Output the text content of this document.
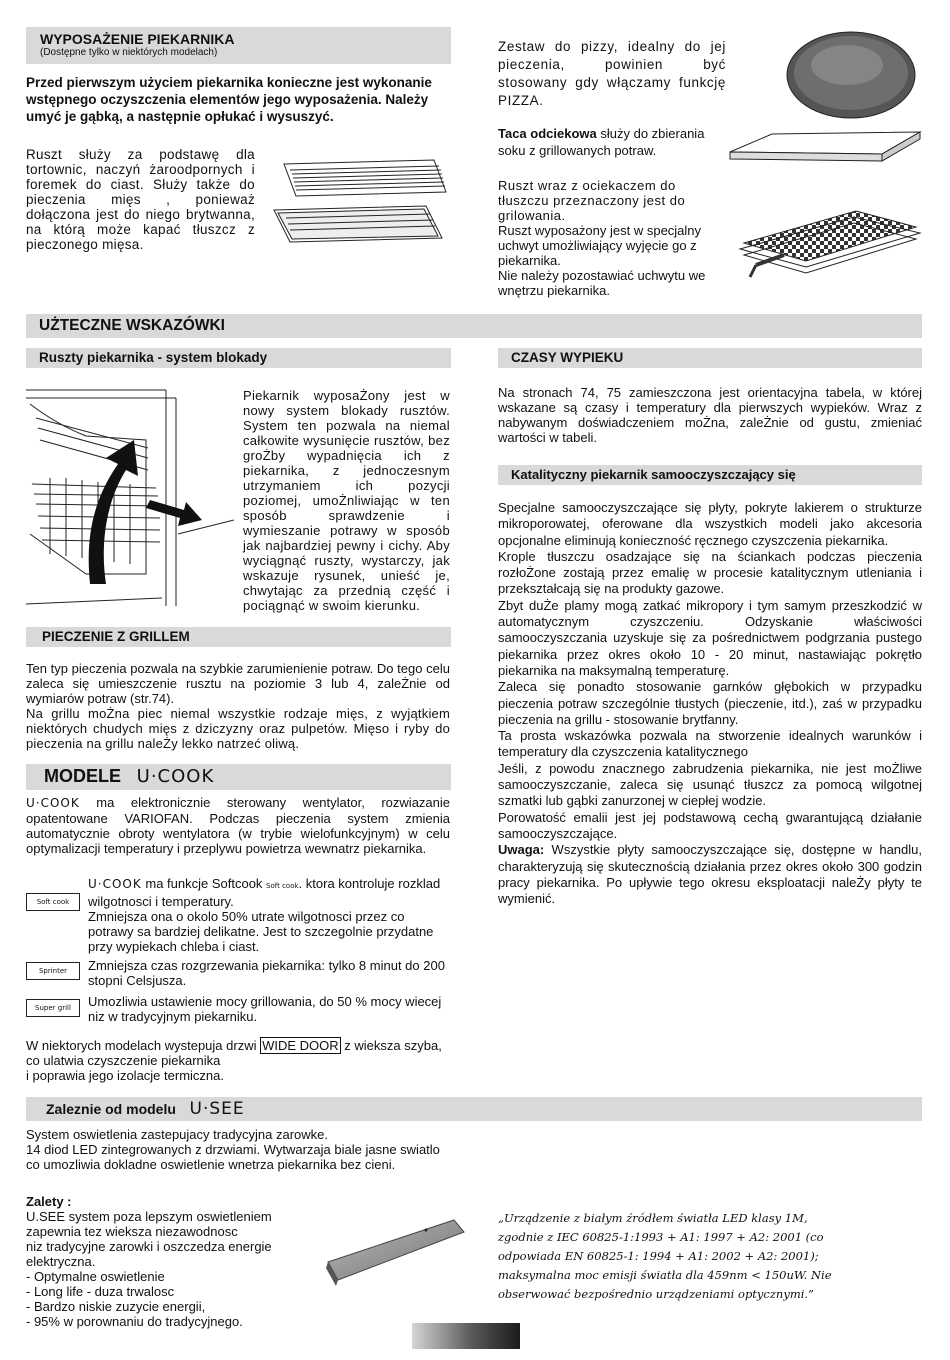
WYPOSAŻENIE PIEKARNIKA
(Dostępne tylko w niektórych modelach)
Przed pierwszym użyciem piekarnika konieczne jest wykonanie wstępnego oczyszczenia elementów jego wyposażenia. Należy umyć je gąbką, a następnie opłukać i wysuszyć.
Ruszt służy za podstawę dla tortownic, naczyń żaroodpornych i foremek do ciast. Służy także do pieczenia mięs , ponieważ dołączona jest do niego brytwanna, na którą może kapać tłuszcz z pieczonego mięsa.
Zestaw do pizzy, idealny do jej pieczenia, powinien być stosowany gdy włączamy funkcję PIZZA.
Taca odciekowa służy do zbierania soku z grillowanych potraw.

Ruszt wraz z ociekaczem do tłuszczu przeznaczony jest do grilowania.

Ruszt wyposażony jest w specjalny uchwyt umożliwiający wyjęcie go z piekarnika.

Nie należy pozostawiać uchwytu we wnętrzu piekarnika.

UŻTECZNE WSKAZÓWKI
Ruszty piekarnika - system blokady
Piekarnik wyposaŻony jest w nowy system blokady rusztów. System ten pozwala na niemal całkowite wysunięcie rusztów, bez groŻby wypadnięcia ich z piekarnika, z jednoczesnym utrzymaniem ich pozycji poziomej, umoŻnliwiając w ten sposób sprawdzenie i wymieszanie potrawy w sposób jak najbardziej pewny i cichy. Aby wyciągnąć ruszty, wystarczy, jak wskazuje rysunek, unieść je, chwytając za przednią część i pociągnąć w swoim kierunku.
PIECZENIE Z GRILLEM

Ten typ pieczenia pozwala na szybkie zarumienienie potraw. Do tego celu zaleca się umieszczenie rusztu na poziomie 3 lub 4, zaleŻnie od wymiarów potraw (str.74).

Na grillu moŻna piec niemal wszystkie rodzaje mięs, z wyjątkiem niektórych chudych mięs z dziczyzny oraz pulpetów. Mięso i ryby do pieczenia na grillu naleŻy lekko natrzeć oliwą.

CZASY WYPIEKU
Na stronach 74, 75 zamieszczona jest orientacyjna tabela, w której wskazane są czasy i temperatury dla pierwszych wypieków. Wraz z nabywanym doświadczeniem moŻna, zaleŻnie od gustu, zmieniać wartości w tabeli.
Katalityczny piekarnik samooczyszczający się

Specjalne samooczyszczające się płyty, pokryte lakierem o strukturze mikroporowatej, oferowane dla wszystkich modeli jako akcesoria opcjonalne eliminują konieczność ręcznego czyszczenia piekarnika.

Krople tłuszczu osadzające się na ściankach podczas pieczenia rozłoŻone zostają przez emalię w procesie katalitycznym utleniania i przekształcają się na produkty gazowe.

Zbyt duŻe plamy mogą zatkać mikropory i tym samym przeszkodzić w automatycznym czyszczeniu. Odzyskanie właściwości samooczyszczania uzyskuje się za pośrednictwem podgrzania pustego piekarnika przez okres około 10 - 20 minut, nastawiając pokrętło piekarnika na maksymalną temperaturę.

Zaleca się ponadto stosowanie garnków głębokich w przypadku pieczenia potraw szczególnie tłustych (pieczenie, itd.), zaś w przypadku pieczenia na grillu - stosowanie brytfanny.

Ta prosta wskazówka pozwala na stworzenie idealnych warunków i temperatury dla czyszczenia katalitycznego

Jeśli, z powodu znacznego zabrudzenia piekarnika, nie jest moŻliwe samooczyszczanie, zaleca się usunąć tłuszcz za pomocą wilgotnej szmatki lub gąbki zanurzonej w ciepłej wodzie.

Porowatość emalii jest jej podstawową cechą gwarantującą działanie samooczyszczające.

Uwaga: Wszystkie płyty samooczyszczające się, dostępne w handlu, charakteryzują się skutecznością działania przez okres około 300 godzin pracy piekarnika. Po upływie tego okresu eksploatacji naleŻy płyty te wymienić.

MODELE U·COOK
U·COOK ma elektronicznie sterowany wentylator, rozwiazanie opatentowane VARIOFAN. Podczas pieczenia system zmienia automatycznie obroty wentylatora (w trybie wielofunkcyjnym) w celu optymalizacji temperatury i przeplywu powietrza wewnatrz piekarnika.
Soft cook
U·COOK ma funkcje Softcook Soft cook. ktora kontroluje rozklad wilgotnosci i temperatury.
Zmniejsza ona o okolo 50% utrate wilgotnosci przez co potrawy sa bardziej delikatne. Jest to szczegolnie przydatne przy wypiekach chleba i ciast.
Sprinter Zmniejsza czas rozgrzewania piekarnika: tylko 8 minut do 200 stopni Celsjusza.
Super grill Umozliwia ustawienie mocy grillowania, do 50 % mocy wiecej niz w tradycyjnym piekarniku.
W niektorych modelach wystepuja drzwi WIDE DOOR z wieksza szyba, co ulatwia czyszczenie piekarnika
i poprawia jego izolacje termiczna.
Zaleznie od modelu U·SEE

System oswietlenia zastepujacy tradycyjna zarowke.

14 diod LED zintegrowanych z drzwiami. Wytwarzaja biale jasne swiatlo co umozliwia dokladne oswietlenie wnetrza piekarnika bez cieni.

Zalety :

U.SEE system poza lepszym oswietleniem zapewnia tez wieksza niezawodnosc

niz tradycyjne zarowki i oszczedza energie elektryczna.

- Optymalne oswietlenie

- Long life - duza trwalosc

- Bardzo niskie zuzycie energii,

- 95% w porownaniu do tradycyjnego.

„Urządzenie z białym źródłem światła LED klasy 1M, zgodnie z IEC 60825-1:1993 + A1: 1997 + A2: 2001 (co odpowiada EN 60825-1: 1994 + A1: 2002 + A2: 2001); maksymalna moc emisji światła dla 459nm < 150uW. Nie obserwować bezpośrednio urządzeniami optycznymi.”
